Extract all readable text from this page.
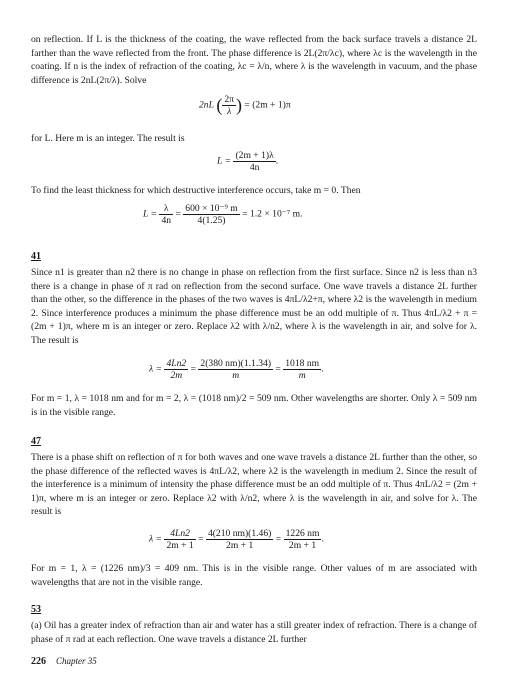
on reflection. If L is the thickness of the coating, the wave reflected from the back surface travels a distance 2L farther than the wave reflected from the front. The phase difference is 2L(2π/λc), where λc is the wavelength in the coating. If n is the index of refraction of the coating, λc = λ/n, where λ is the wavelength in vacuum, and the phase difference is 2nL(2π/λ). Solve

2nL ( $\frac{2\pi}{\lambda}$ ) = (2m + 1)π

for L. Here m is an integer. The result is

$L = \frac{(2m + 1)\lambda}{4n}$ .

To find the least thickness for which destructive interference occurs, take m = 0. Then

$L = \frac{\lambda}{4n} = \frac{\text{600 × 10⁻⁹ m}}{4(1.25)} = 1.2 \times 10^{-7}$ m.
41

Since n1 is greater than n2 there is no change in phase on reflection from the first surface. Since n2 is less than n3 there is a change in phase of π rad on reflection from the second surface. One wave travels a distance 2L further than the other, so the difference in the phases of the two waves is 4πL/λ2+π, where λ2 is the wavelength in medium 2. Since interference produces a minimum the phase difference must be an odd multiple of π. Thus 4πL/λ2 + π = (2m + 1)π, where m is an integer or zero. Replace λ2 with λ/n2, where λ is the wavelength in air, and solve for λ. The result is

$\lambda = \frac{4Ln2}{2m} = \frac{2(380 nm)(1.1.34)}{m} = \frac{1018 nm}{m}$ .

For m = 1, λ = 1018 nm and for m = 2, λ = (1018 nm)/2 = 509 nm. Other wavelengths are shorter. Only λ = 509 nm is in the visible range.

47

There is a phase shift on reflection of π for both waves and one wave travels a distance 2L further than the other, so the phase difference of the reflected waves is 4πL/λ2, where λ2 is the wavelength in medium 2. Since the result of the interference is a minimum of intensity the phase difference must be an odd multiple of π. Thus 4πL/λ2 = (2m + 1)π, where m is an integer or zero. Replace λ2 with λ/n2, where λ is the wavelength in air, and solve for λ. The result is

$\lambda = \frac{4Ln2}{2m + 1} = \frac{4(210 nm)(1.46)}{2m + 1} = \frac{1226 nm}{2m + 1}$ .

For m = 1, λ = (1226 nm)/3 = 409 nm. This is in the visible range. Other values of m are associated with wavelengths that are not in the visible range.

53

(a) Oil has a greater index of refraction than air and water has a still greater index of refraction. There is a change of phase of π rad at each reflection. One wave travels a distance 2L further

226 Chapter 35
